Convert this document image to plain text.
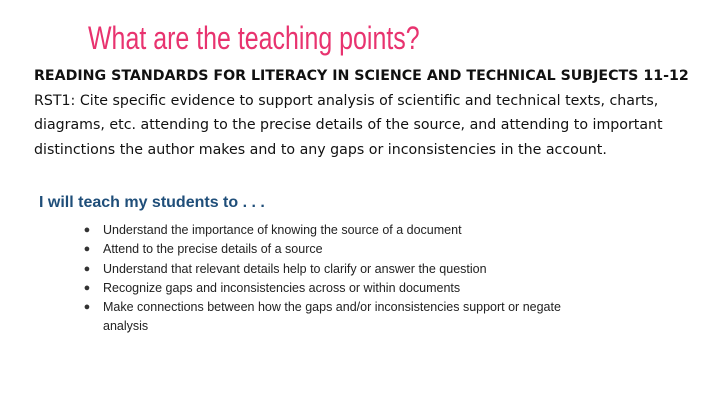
What are the teaching points?
READING STANDARDS FOR LITERACY IN SCIENCE AND TECHNICAL SUBJECTS 11-12
RST1: Cite specific evidence to support analysis of scientific and technical texts, charts, diagrams, etc. attending to the precise details of the source, and attending to important distinctions the author makes and to any gaps or inconsistencies in the account.
I will teach my students to . . .
● Understand the importance of knowing the source of a document
● Attend to the precise details of a source
● Understand that relevant details help to clarify or answer the question
● Recognize gaps and inconsistencies across or within documents
● Make connections between how the gaps and/or inconsistencies support or negate analysis
